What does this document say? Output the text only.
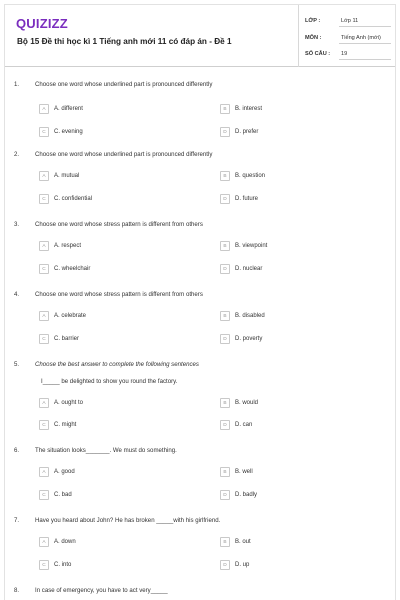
QUIZIZZ
Bộ 15 Đề thi học kì 1 Tiếng anh mới 11 có đáp án - Đề 1
LỚP :	Lớp 11
MÔN :	Tiếng Anh (mới)
SỐ CÂU : 19
1.	Choose one word whose underlined part is pronounced differently
A	A. different	B	B. interest
C	C. evening	D	D. prefer
2.	Choose one word whose underlined part is pronounced differently
A	A. mutual	B	B. question
C	C. confidential	D	D. future
3.	Choose one word whose stress pattern is different from others
A	A. respect	B	B. viewpoint
C	C. wheelchair	D	D. nuclear
4.	Choose one word whose stress pattern is different from others
A	A. celebrate	B	B. disabled
C	C. barrier	D	D. poverty
5.	Choose the best answer to complete the following sentences
I_____ be delighted to show you round the factory.
A	A. ought to	B	B. would
C	C. might	D	D. can
6.	The situation looks_______. We must do something.
A	A. good	B	B. well
C	C. bad	D	D. badly
7.	Have you heard about John? He has broken _____with his girlfriend.
A	A. down	B	B. out
C	C. into	D	D. up
8.	In case of emergency, you have to act very_____
